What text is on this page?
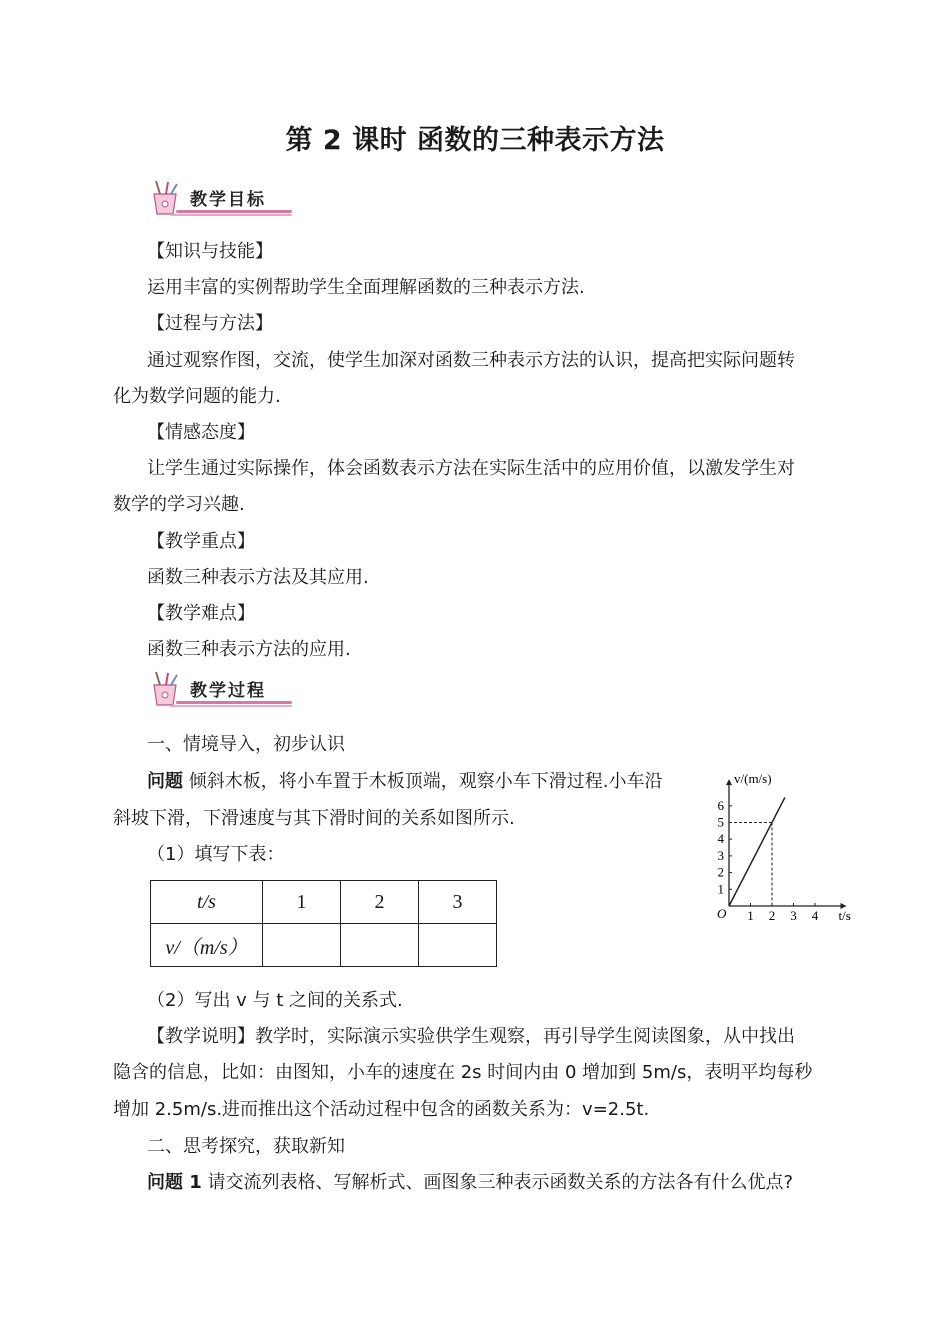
第 2 课时 函数的三种表示方法
教学目标
【知识与技能】
运用丰富的实例帮助学生全面理解函数的三种表示方法.
【过程与方法】
通过观察作图，交流，使学生加深对函数三种表示方法的认识，提高把实际问题转
化为数学问题的能力.
【情感态度】
让学生通过实际操作，体会函数表示方法在实际生活中的应用价值，以激发学生对
数学的学习兴趣.
【教学重点】
函数三种表示方法及其应用.
【教学难点】
函数三种表示方法的应用.
教学过程
一、情境导入，初步认识
问题 倾斜木板，将小车置于木板顶端，观察小车下滑过程.小车沿
斜坡下滑，下滑速度与其下滑时间的关系如图所示.
（1）填写下表：
t/s	1	2	3
v/（m/s）			
1 2 3 4
1
2
3
4
5
6
O
v/(m/s)
t/s
（2）写出 v 与 t 之间的关系式.
【教学说明】教学时，实际演示实验供学生观察，再引导学生阅读图象，从中找出
隐含的信息，比如：由图知，小车的速度在 2s 时间内由 0 增加到 5m/s，表明平均每秒
增加 2.5m/s.进而推出这个活动过程中包含的函数关系为：v=2.5t.
二、思考探究，获取新知
问题 1 请交流列表格、写解析式、画图象三种表示函数关系的方法各有什么优点?
